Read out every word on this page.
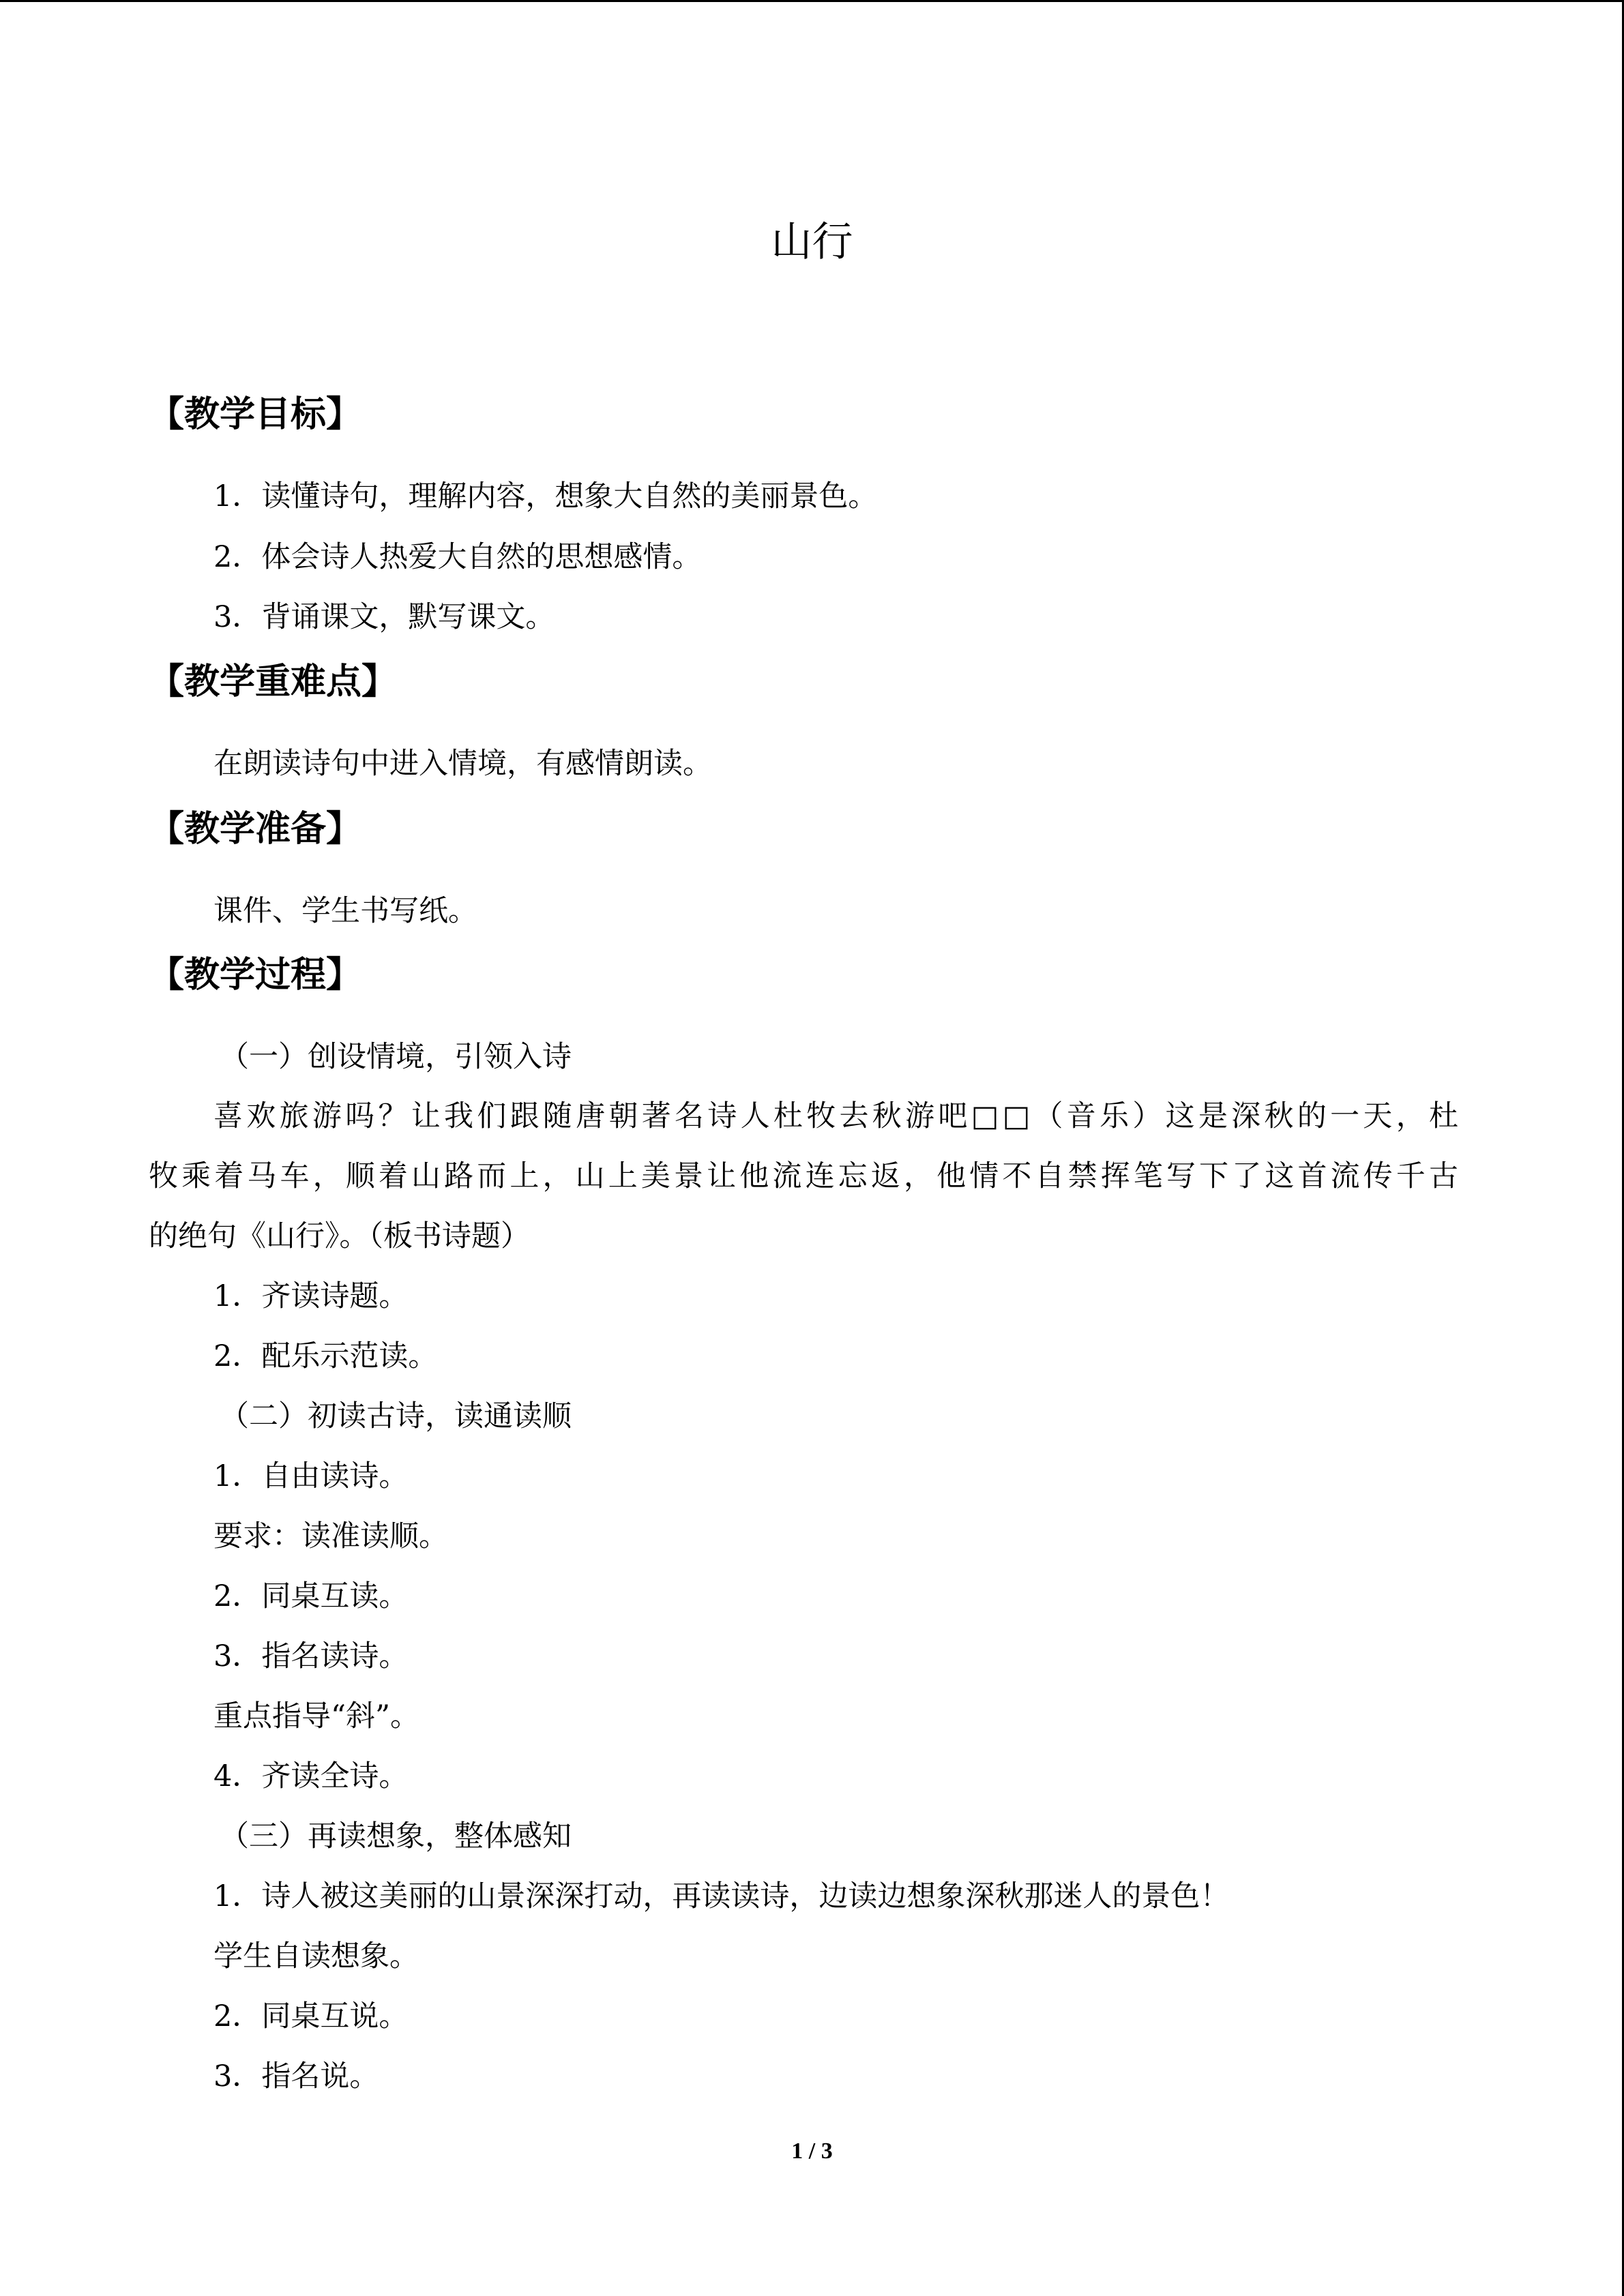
山行
【教学目标】
1．读懂诗句，理解内容，想象大自然的美丽景色。
2．体会诗人热爱大自然的思想感情。
3．背诵课文，默写课文。
【教学重难点】
在朗读诗句中进入情境，有感情朗读。
【教学准备】
课件、学生书写纸。
【教学过程】
（一）创设情境，引领入诗

喜欢旅游吗？让我们跟随唐朝著名诗人杜牧去秋游吧□□（音乐）这是深秋的一天，杜

牧乘着马车，顺着山路而上，山上美景让他流连忘返，他情不自禁挥笔写下了这首流传千古

的绝句《山行》。（板书诗题）

1．齐读诗题。
2．配乐示范读。
（二）初读古诗，读通读顺
1．自由读诗。
要求：读准读顺。
2．同桌互读。
3．指名读诗。
重点指导“斜”。
4．齐读全诗。
（三）再读想象，整体感知
1．诗人被这美丽的山景深深打动，再读读诗，边读边想象深秋那迷人的景色！
学生自读想象。
2．同桌互说。
3．指名说。
1 / 3
